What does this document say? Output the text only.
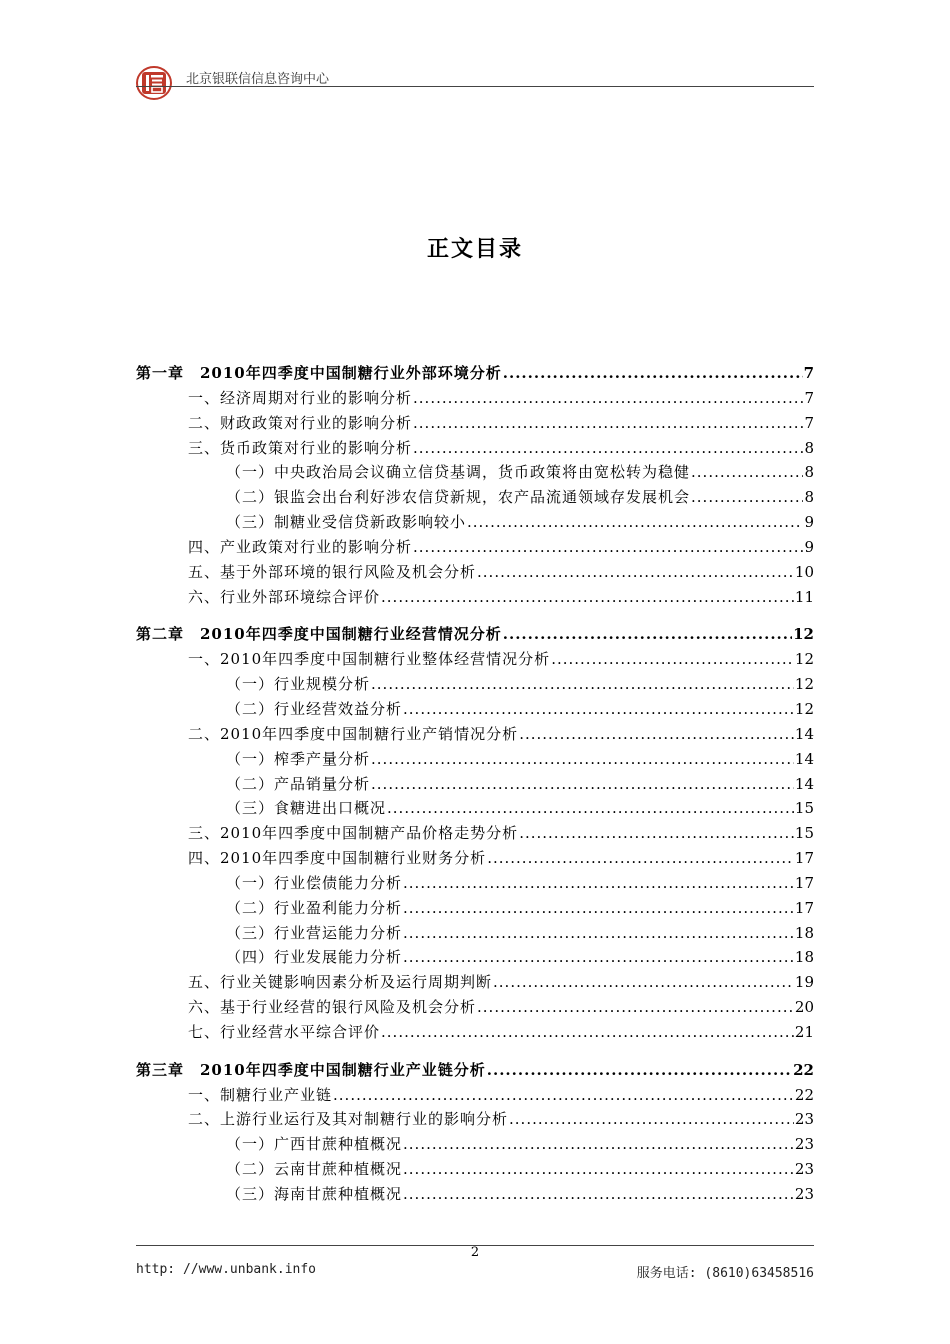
北京银联信信息咨询中心
正文目录
第一章　2010年四季度中国制糖行业外部环境分析 .....	7
一、经济周期对行业的影响分析 .....	7
二、财政政策对行业的影响分析 .....	7
三、货币政策对行业的影响分析 .....	8
（一）中央政治局会议确立信贷基调，货币政策将由宽松转为稳健 .....	8
（二）银监会出台利好涉农信贷新规，农产品流通领域存发展机会 .....	8
（三）制糖业受信贷新政影响较小 .....	9
四、产业政策对行业的影响分析 .....	9
五、基于外部环境的银行风险及机会分析 .....	10
六、行业外部环境综合评价 .....	11
第二章　2010年四季度中国制糖行业经营情况分析 .....	12
一、2010年四季度中国制糖行业整体经营情况分析 .....	12
（一）行业规模分析 .....	12
（二）行业经营效益分析 .....	12
二、2010年四季度中国制糖行业产销情况分析 .....	14
（一）榨季产量分析 .....	14
（二）产品销量分析 .....	14
（三）食糖进出口概况 .....	15
三、2010年四季度中国制糖产品价格走势分析 .....	15
四、2010年四季度中国制糖行业财务分析 .....	17
（一）行业偿债能力分析 .....	17
（二）行业盈利能力分析 .....	17
（三）行业营运能力分析 .....	18
（四）行业发展能力分析 .....	18
五、行业关键影响因素分析及运行周期判断 .....	19
六、基于行业经营的银行风险及机会分析 .....	20
七、行业经营水平综合评价 .....	21
第三章　2010年四季度中国制糖行业产业链分析 .....	22
一、制糖行业产业链 .....	22
二、上游行业运行及其对制糖行业的影响分析 .....	23
（一）广西甘蔗种植概况 .....	23
（二）云南甘蔗种植概况 .....	23
（三）海南甘蔗种植概况 .....	23
2
http: //www.unbank.info	服务电话: (8610)63458516
